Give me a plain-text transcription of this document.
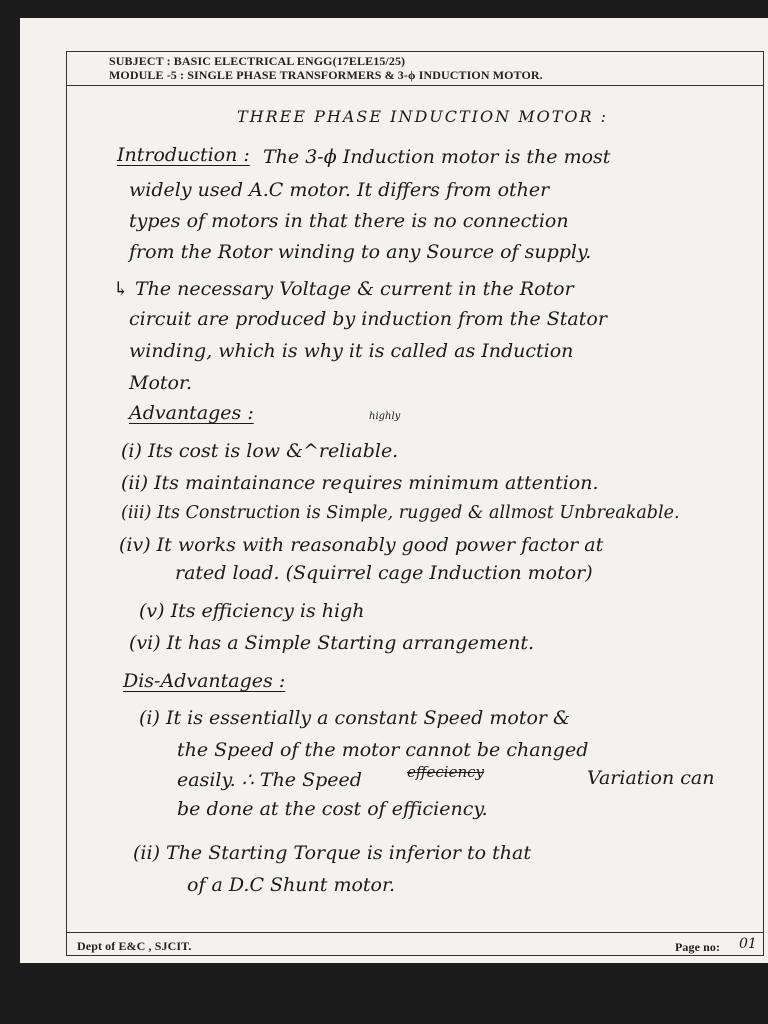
SUBJECT : BASIC ELECTRICAL ENGG(17ELE15/25)
MODULE -5 : SINGLE PHASE TRANSFORMERS & 3-ϕ INDUCTION MOTOR.
THREE PHASE INDUCTION MOTOR :
Introduction : The 3-ϕ Induction motor is the most
widely used A.C motor. It differs from other
types of motors in that there is no connection
from the Rotor winding to any Source of supply.
↳ The necessary Voltage & current in the Rotor
circuit are produced by induction from the Stator
winding, which is why it is called as Induction
Motor.
Advantages :	highly
(i) Its cost is low &^reliable.
(ii) Its maintainance requires minimum attention.
(iii) Its Construction is Simple, rugged & allmost Unbreakable.
(iv) It works with reasonably good power factor at
rated load. (Squirrel cage Induction motor)
(v) Its efficiency is high
(vi) It has a Simple Starting arrangement.
Dis-Advantages :
(i) It is essentially a constant Speed motor &
the Speed of the motor cannot be changed
easily. ∴ The Speed	effeciency	Variation can
be done at the cost of efficiency.
(ii) The Starting Torque is inferior to that
of a D.C Shunt motor.
Dept of E&C , SJCIT.	Page no: 01
